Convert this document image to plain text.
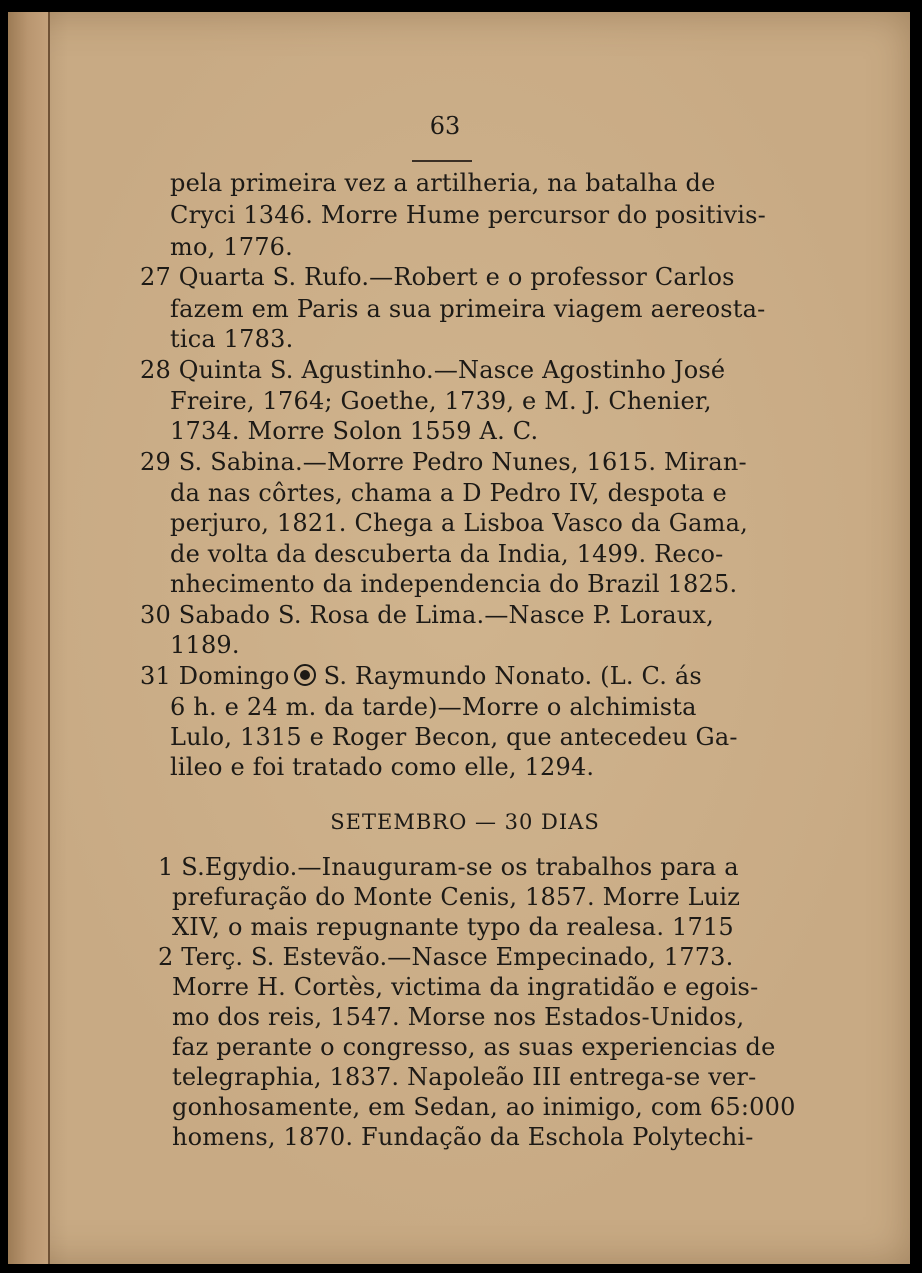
63
pela primeira vez a artilheria, na batalha de
Cryci 1346. Morre Hume percursor do positivis-
mo, 1776.
27 Quarta S. Rufo.—Robert e o professor Carlos
fazem em Paris a sua primeira viagem aereosta-
tica 1783.
28 Quinta S. Agustinho.—Nasce Agostinho José
Freire, 1764; Goethe, 1739, e M. J. Chenier,
1734. Morre Solon 1559 A. C.
29 S. Sabina.—Morre Pedro Nunes, 1615. Miran-
da nas côrtes, chama a D Pedro IV, despota e
perjuro, 1821. Chega a Lisboa Vasco da Gama,
de volta da descuberta da India, 1499. Reco-
nhecimento da independencia do Brazil 1825.
30 Sabado S. Rosa de Lima.—Nasce P. Loraux,
1189.
31 Domingo S. Raymundo Nonato. (L. C. ás
6 h. e 24 m. da tarde)—Morre o alchimista
Lulo, 1315 e Roger Becon, que antecedeu Ga-
lileo e foi tratado como elle, 1294.
SETEMBRO — 30 DIAS
1 S.Egydio.—Inauguram-se os trabalhos para a
prefuração do Monte Cenis, 1857. Morre Luiz
XIV, o mais repugnante typo da realesa. 1715
2 Terç. S. Estevão.—Nasce Empecinado, 1773.
Morre H. Cortès, victima da ingratidão e egois-
mo dos reis, 1547. Morse nos Estados-Unidos,
faz perante o congresso, as suas experiencias de
telegraphia, 1837. Napoleão III entrega-se ver-
gonhosamente, em Sedan, ao inimigo, com 65:000
homens, 1870. Fundação da Eschola Polytechi-
